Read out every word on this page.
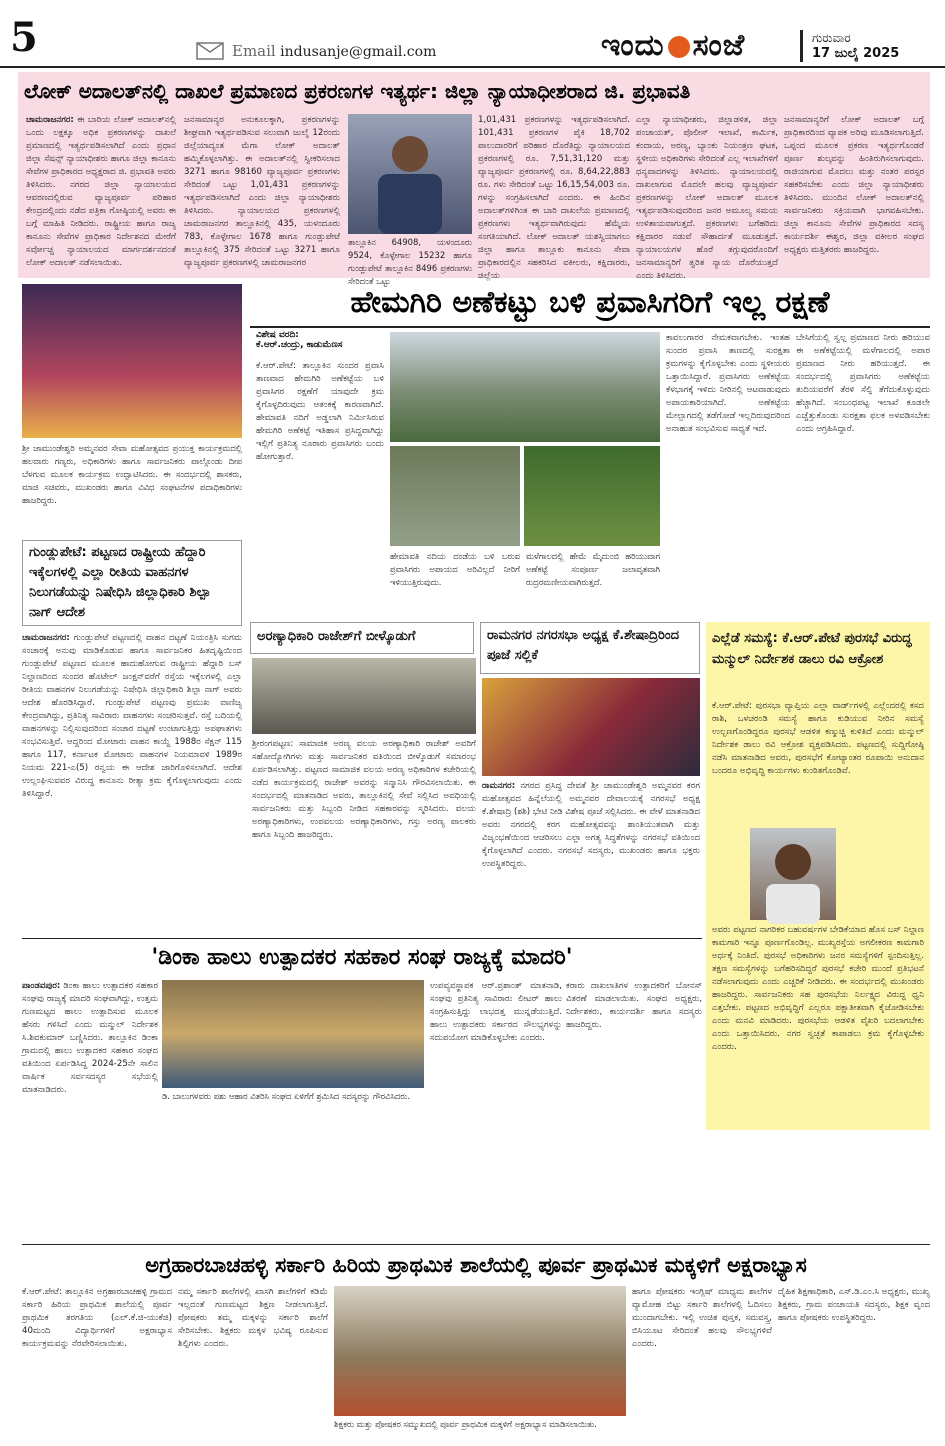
5	Email indusanje@gmail.com	ಇಂದು ಸಂಜೆ	ಗುರುವಾರ
17 ಜುಲೈ 2025
ಲೋಕ್ ಅದಾಲತ್‌ನಲ್ಲಿ ದಾಖಲೆ ಪ್ರಮಾಣದ ಪ್ರಕರಣಗಳ ಇತ್ಯರ್ಥ: ಜಿಲ್ಲಾ ನ್ಯಾಯಾಧೀಶರಾದ ಜಿ. ಪ್ರಭಾವತಿ
ಚಾಮರಾಜನಗರ: ಈ ಬಾರಿಯ ಲೋಕ್ ಅದಾಲತ್‌ನಲ್ಲಿ ಒಂದು ಲಕ್ಷಕ್ಕೂ ಅಧಿಕ ಪ್ರಕರಣಗಳನ್ನು ದಾಖಲೆ ಪ್ರಮಾಣದಲ್ಲಿ ಇತ್ಯರ್ಥಪಡಿಸಲಾಗಿದೆ ಎಂದು ಪ್ರಧಾನ ಜಿಲ್ಲಾ ಸೆಷನ್ಸ್ ನ್ಯಾಯಾಧೀಶರು ಹಾಗೂ ಜಿಲ್ಲಾ ಕಾನೂನು ಸೇವೆಗಳ ಪ್ರಾಧಿಕಾರದ ಅಧ್ಯಕ್ಷರಾದ ಜಿ. ಪ್ರಭಾವತಿ ಅವರು ತಿಳಿಸಿದರು. ನಗರದ ಜಿಲ್ಲಾ ನ್ಯಾಯಾಲಯದ ಆವರಣದಲ್ಲಿರುವ ವ್ಯಾಜ್ಯಪೂರ್ವ ಪರಿಹಾರ ಕೇಂದ್ರದಲ್ಲಿಂದು ನಡೆದ ಪತ್ರಿಕಾ ಗೋಷ್ಠಿಯಲ್ಲಿ ಅವರು ಈ ಬಗ್ಗೆ ಮಾಹಿತಿ ನೀಡಿದರು. ರಾಷ್ಟ್ರೀಯ ಹಾಗೂ ರಾಜ್ಯ ಕಾನೂನು ಸೇವೆಗಳ ಪ್ರಾಧಿಕಾರ ನಿರ್ದೇಶನದ ಮೇರೆಗೆ ಸರ್ವೋಚ್ಚ ನ್ಯಾಯಾಲಯದ ಮಾರ್ಗದರ್ಶನದಂತೆ ಲೋಕ್ ಅದಾಲತ್ ನಡೆಸಲಾಯಿತು.
ಜನಸಾಮಾನ್ಯರ ಅನುಕೂಲಕ್ಕಾಗಿ, ಪ್ರಕರಣಗಳನ್ನು ಶೀಘ್ರವಾಗಿ ಇತ್ಯರ್ಥಪಡಿಸುವ ಸಲುವಾಗಿ ಜುಲೈ 12ರಂದು ಜಿಲ್ಲೆಯಾದ್ಯಂತ ಮೆಗಾ ಲೋಕ್ ಅದಾಲತ್ ಹಮ್ಮಿಕೊಳ್ಳಲಾಗಿತ್ತು. ಈ ಅದಾಲತ್‌ನಲ್ಲಿ ಸ್ವೀಕರಿಸಲಾದ 3271 ಹಾಗೂ 98160 ವ್ಯಾಜ್ಯಪೂರ್ವ ಪ್ರಕರಣಗಳು ಸೇರಿದಂತೆ ಒಟ್ಟು 1,01,431 ಪ್ರಕರಣಗಳನ್ನು ಇತ್ಯರ್ಥಪಡಿಸಲಾಗಿದೆ ಎಂದು ಜಿಲ್ಲಾ ನ್ಯಾಯಾಧೀಶರು ತಿಳಿಸಿದರು. ನ್ಯಾಯಾಲಯದ ಪ್ರಕರಣಗಳಲ್ಲಿ ಚಾಮರಾಜನಗರ ತಾಲ್ಲೂಕಿನಲ್ಲಿ 435, ಯಳಂದೂರು 783, ಕೊಳ್ಳೇಗಾಲ 1678 ಹಾಗೂ ಗುಂಡ್ಲುಪೇಟೆ ತಾಲ್ಲೂಕಿನಲ್ಲಿ 375 ಸೇರಿದಂತೆ ಒಟ್ಟು 3271 ಹಾಗೂ ವ್ಯಾಜ್ಯಪೂರ್ವ ಪ್ರಕರಣಗಳಲ್ಲಿ ಚಾಮರಾಜನಗರ
ತಾಲ್ಲೂಕಿನ 64908, ಯಳಂದೂರು 9524, ಕೊಳ್ಳೇಗಾಲ 15232 ಹಾಗೂ ಗುಂಡ್ಲುಪೇಟೆ ತಾಲ್ಲೂಕಿನ 8496 ಪ್ರಕರಣಗಳು ಸೇರಿದಂತೆ ಒಟ್ಟು
1,01,431 ಪ್ರಕರಣಗಳನ್ನು ಇತ್ಯರ್ಥಪಡಿಸಲಾಗಿದೆ. 101,431 ಪ್ರಕರಣಗಳ ಪೈಕಿ 18,702 ಪಾಲುದಾರರಿಗೆ ಪರಿಹಾರ ದೊರೆತಿದ್ದು ನ್ಯಾಯಾಲಯದ ಪ್ರಕರಣಗಳಲ್ಲಿ ರೂ. 7,51,31,120 ಮತ್ತು ವ್ಯಾಜ್ಯಪೂರ್ವ ಪ್ರಕರಣಗಳಲ್ಲಿ ರೂ. 8,64,22,883 ರೂ. ಗಳು ಸೇರಿದಂತೆ ಒಟ್ಟು 16,15,54,003 ರೂ. ಗಳನ್ನು ಸಂಗ್ರಹಿಸಲಾಗಿದೆ ಎಂದರು. ಈ ಹಿಂದಿನ ಅದಾಲತ್‌ಗಳಿಗಿಂತ ಈ ಬಾರಿ ದಾಖಲೆಯ ಪ್ರಮಾಣದಲ್ಲಿ ಪ್ರಕರಣಗಳು ಇತ್ಯರ್ಥವಾಗಿರುವುದು ಹೆಮ್ಮೆಯ ಸಂಗತಿಯಾಗಿದೆ. ಲೋಕ್ ಅದಾಲತ್ ಯಶಸ್ವಿಯಾಗಲು ಜಿಲ್ಲಾ ಹಾಗೂ ತಾಲ್ಲೂಕು ಕಾನೂನು ಸೇವಾ ಪ್ರಾಧಿಕಾರದಲ್ಲಿನ ಸಹಕರಿಸಿದ ವಕೀಲರು, ಕಕ್ಷಿದಾರರು, ಜಿಲ್ಲೆಯ
ಎಲ್ಲಾ ನ್ಯಾಯಾಧೀಶರು, ಜಿಲ್ಲಾಡಳಿತ, ಜಿಲ್ಲಾ ಪಂಚಾಯತ್, ಪೊಲೀಸ್ ಇಲಾಖೆ, ಕಾರ್ಮಿಕ, ಕಂದಾಯ, ಅರಣ್ಯ, ಬ್ಯಾಂಕು ನಿಯಂತ್ರಣ ಘಟಕ, ಸ್ಥಳೀಯ ಅಧಿಕಾರಿಗಳು ಸೇರಿದಂತೆ ಎಲ್ಲ ಇಲಾಖೆಗಳಿಗೆ ಧನ್ಯವಾದಗಳನ್ನು ತಿಳಿಸಿದರು. ನ್ಯಾಯಾಲಯದಲ್ಲಿ ದಾಖಲಾಗುವ ಮೊದಲೇ ಹಲವು ವ್ಯಾಜ್ಯಪೂರ್ವ ಪ್ರಕರಣಗಳನ್ನು ಲೋಕ್ ಅದಾಲತ್ ಮೂಲಕ ಇತ್ಯರ್ಥಪಡಿಸುವುದರಿಂದ ಜನರ ಅಮೂಲ್ಯ ಸಮಯ ಉಳಿತಾಯವಾಗುತ್ತದೆ. ಪ್ರಕರಣಗಳು ಬಗೆಹರಿದು ಕಕ್ಷಿದಾರರ ನಡುವೆ ಸೌಹಾರ್ದತೆ ಮೂಡುತ್ತದೆ. ನ್ಯಾಯಾಲಯಗಳ ಹೊರೆ ತಗ್ಗುವುದರೊಂದಿಗೆ ಜನಸಾಮಾನ್ಯರಿಗೆ ತ್ವರಿತ ನ್ಯಾಯ ದೊರೆಯುತ್ತದೆ ಎಂದು ತಿಳಿಸಿದರು.
ಜನಸಾಮಾನ್ಯರಿಗೆ ಲೋಕ್ ಅದಾಲತ್ ಬಗ್ಗೆ ಪ್ರಾಧಿಕಾರದಿಂದ ವ್ಯಾಪಕ ಅರಿವು ಮೂಡಿಸಲಾಗುತ್ತಿದೆ. ಒಪ್ಪಂದ ಮೂಲಕ ಪ್ರಕರಣ ಇತ್ಯರ್ಥಗೊಂಡರೆ ಪೂರ್ಣ ಶುಲ್ಕವನ್ನು ಹಿಂತಿರುಗಿಸಲಾಗುವುದು. ರಾಜಿಯಾಗುವ ಮೊದಲು ಮತ್ತು ನಂತರ ಪರಸ್ಪರ ಸಹಕರಿಸಬೇಕು ಎಂದು ಜಿಲ್ಲಾ ನ್ಯಾಯಾಧೀಶರು ತಿಳಿಸಿದರು. ಮುಂದಿನ ಲೋಕ್ ಅದಾಲತ್‌ನಲ್ಲಿ ಸಾರ್ವಜನಿಕರು ಸಕ್ರಿಯವಾಗಿ ಭಾಗವಹಿಸಬೇಕು. ಜಿಲ್ಲಾ ಕಾನೂನು ಸೇವೆಗಳ ಪ್ರಾಧಿಕಾರದ ಸದಸ್ಯ ಕಾರ್ಯದರ್ಶಿ ಈಶ್ವರ, ಜಿಲ್ಲಾ ವಕೀಲರ ಸಂಘದ ಅಧ್ಯಕ್ಷರು ಮತ್ತಿತರರು ಹಾಜರಿದ್ದರು.
ಶ್ರೀ ಜಾಮುಂಡೇಶ್ವರಿ ಅಮ್ಮನವರ ಸೇವಾ ಮಹೋತ್ಸವದ ಪ್ರಯುಕ್ತ ಕಾರ್ಯಕ್ರಮದಲ್ಲಿ ಹಲವಾರು ಗಣ್ಯರು, ಅಧಿಕಾರಿಗಳು ಹಾಗೂ ಸಾರ್ವಜನಿಕರು ಪಾಲ್ಗೊಂಡು ದೀಪ ಬೆಳಗುವ ಮೂಲಕ ಕಾರ್ಯಕ್ರಮ ಉದ್ಘಾಟಿಸಿದರು. ಈ ಸಂದರ್ಭದಲ್ಲಿ ಶಾಸಕರು, ಮಾಜಿ ಸಚಿವರು, ಮುಖಂಡರು ಹಾಗೂ ವಿವಿಧ ಸಂಘಟನೆಗಳ ಪದಾಧಿಕಾರಿಗಳು ಹಾಜರಿದ್ದರು.
ಗುಂಡ್ಲುಪೇಟೆ: ಪಟ್ಟಣದ ರಾಷ್ಟ್ರೀಯ ಹೆದ್ದಾರಿ ಇಕ್ಕೆಲಗಳಲ್ಲಿ ಎಲ್ಲಾ ರೀತಿಯ ವಾಹನಗಳ ನಿಲುಗಡೆಯನ್ನು ನಿಷೇಧಿಸಿ ಜಿಲ್ಲಾಧಿಕಾರಿ ಶಿಲ್ಪಾ ನಾಗ್ ಆದೇಶ
ಚಾಮರಾಜನಗರ: ಗುಂಡ್ಲುಪೇಟೆ ಪಟ್ಟಣದಲ್ಲಿ ವಾಹನ ದಟ್ಟಣೆ ನಿಯಂತ್ರಿಸಿ ಸುಗಮ ಸಂಚಾರಕ್ಕೆ ಅನುವು ಮಾಡಿಕೊಡುವ ಹಾಗೂ ಸಾರ್ವಜನಿಕರ ಹಿತದೃಷ್ಟಿಯಿಂದ ಗುಂಡ್ಲುಪೇಟೆ ಪಟ್ಟಣದ ಮೂಲಕ ಹಾದುಹೋಗುವ ರಾಷ್ಟ್ರೀಯ ಹೆದ್ದಾರಿ ಬಸ್ ನಿಲ್ದಾಣದಿಂದ ಸುಂದರ ಹೊಟೇಲ್ ಜಂಕ್ಷನ್‌ವರೆಗೆ ರಸ್ತೆಯ ಇಕ್ಕೆಲಗಳಲ್ಲಿ ಎಲ್ಲಾ ರೀತಿಯ ವಾಹನಗಳ ನಿಲುಗಡೆಯನ್ನು ನಿಷೇಧಿಸಿ ಜಿಲ್ಲಾಧಿಕಾರಿ ಶಿಲ್ಪಾ ನಾಗ್ ಅವರು ಆದೇಶ ಹೊರಡಿಸಿದ್ದಾರೆ. ಗುಂಡ್ಲುಪೇಟೆ ಪಟ್ಟಣವು ಪ್ರಮುಖ ವಾಣಿಜ್ಯ ಕೇಂದ್ರವಾಗಿದ್ದು, ಪ್ರತಿನಿತ್ಯ ಸಾವಿರಾರು ವಾಹನಗಳು ಸಂಚರಿಸುತ್ತವೆ. ರಸ್ತೆ ಬದಿಯಲ್ಲಿ ವಾಹನಗಳನ್ನು ನಿಲ್ಲಿಸುವುದರಿಂದ ಸಂಚಾರ ದಟ್ಟಣೆ ಉಂಟಾಗುತ್ತಿದ್ದು ಅಪಘಾತಗಳು ಸಂಭವಿಸುತ್ತಿವೆ. ಆದ್ದರಿಂದ ಮೋಟಾರು ವಾಹನ ಕಾಯ್ದೆ 1988ರ ಸೆಕ್ಷನ್ 115 ಹಾಗೂ 117, ಕರ್ನಾಟಕ ಮೋಟಾರು ವಾಹನಗಳ ನಿಯಮಾವಳಿ 1989ರ ನಿಯಮ 221-ಎ(5) ರನ್ವಯ ಈ ಆದೇಶ ಜಾರಿಗೊಳಿಸಲಾಗಿದೆ. ಆದೇಶ ಉಲ್ಲಂಘಿಸುವವರ ವಿರುದ್ಧ ಕಾನೂನು ರೀತ್ಯಾ ಕ್ರಮ ಕೈಗೊಳ್ಳಲಾಗುವುದು ಎಂದು ತಿಳಿಸಿದ್ದಾರೆ.
ಹೇಮಗಿರಿ ಅಣೆಕಟ್ಟು ಬಳಿ ಪ್ರವಾಸಿಗರಿಗೆ ಇಲ್ಲ ರಕ್ಷಣೆ
ವಿಶೇಷ ವರದಿ:
ಕೆ.ಆರ್.ಚಂದ್ರು, ಕಾಡುಮೆಣಸ
ಕೆ.ಆರ್.ಪೇಟೆ: ತಾಲ್ಲೂಕಿನ ಸುಂದರ ಪ್ರವಾಸಿ ತಾಣವಾದ ಹೇಮಗಿರಿ ಅಣೆಕಟ್ಟೆಯ ಬಳಿ ಪ್ರವಾಸಿಗರ ರಕ್ಷಣೆಗೆ ಯಾವುದೇ ಕ್ರಮ ಕೈಗೊಳ್ಳದಿರುವುದು ಆತಂಕಕ್ಕೆ ಕಾರಣವಾಗಿದೆ. ಹೇಮಾವತಿ ನದಿಗೆ ಅಡ್ಡಲಾಗಿ ನಿರ್ಮಿಸಿರುವ ಹೇಮಗಿರಿ ಅಣೆಕಟ್ಟೆ ಇತಿಹಾಸ ಪ್ರಸಿದ್ಧವಾಗಿದ್ದು ಇಲ್ಲಿಗೆ ಪ್ರತಿನಿತ್ಯ ನೂರಾರು ಪ್ರವಾಸಿಗರು ಬಂದು ಹೋಗುತ್ತಾರೆ.
ಹೇಮಾವತಿ ನದಿಯ ದಂಡೆಯ ಬಳಿ ಬರುವ ಪ್ರವಾಸಿಗರು ಅಪಾಯದ ಅರಿವಿಲ್ಲದೆ ನೀರಿಗೆ ಇಳಿಯುತ್ತಿರುವುದು.
ಮಳೆಗಾಲದಲ್ಲಿ ಹೇಮೆ ಮೈದುಂಬಿ ಹರಿಯುವಾಗ ಅಣೆಕಟ್ಟೆ ಸಂಪೂರ್ಣ ಜಲಾವೃತವಾಗಿ ರುದ್ರರಮಣೀಯವಾಗಿರುತ್ತದೆ.
ಕಾವಲುಗಾರರ ನೇಮಕವಾಗಬೇಕು. ಇಂತಹ ಸುಂದರ ಪ್ರವಾಸಿ ತಾಣದಲ್ಲಿ ಸುರಕ್ಷತಾ ಕ್ರಮಗಳನ್ನು ಕೈಗೊಳ್ಳಬೇಕು ಎಂದು ಸ್ಥಳೀಯರು ಒತ್ತಾಯಿಸಿದ್ದಾರೆ. ಪ್ರವಾಸಿಗರು ಅಣೆಕಟ್ಟೆಯ ಕೆಳಭಾಗಕ್ಕೆ ಇಳಿದು ನೀರಿನಲ್ಲಿ ಆಟವಾಡುವುದು ಅಪಾಯಕಾರಿಯಾಗಿದೆ. ಅಣೆಕಟ್ಟೆಯ ಮೇಲ್ಭಾಗದಲ್ಲಿ ತಡೆಗೋಡೆ ಇಲ್ಲದಿರುವುದರಿಂದ ಅನಾಹುತ ಸಂಭವಿಸುವ ಸಾಧ್ಯತೆ ಇದೆ.
ಬೇಸಿಗೆಯಲ್ಲಿ ಸ್ವಲ್ಪ ಪ್ರಮಾಣದ ನೀರು ಹರಿಯುವ ಈ ಅಣೆಕಟ್ಟೆಯಲ್ಲಿ ಮಳೆಗಾಲದಲ್ಲಿ ಅಪಾರ ಪ್ರಮಾಣದ ನೀರು ಹರಿಯುತ್ತದೆ. ಈ ಸಂದರ್ಭದಲ್ಲಿ ಪ್ರವಾಸಿಗರು ಅಣೆಕಟ್ಟೆಯ ತುದಿಯವರೆಗೆ ತೆರಳಿ ಸೆಲ್ಫಿ ತೆಗೆದುಕೊಳ್ಳುವುದು ಹೆಚ್ಚಾಗಿದೆ. ಸಂಬಂಧಪಟ್ಟ ಇಲಾಖೆ ಕೂಡಲೇ ಎಚ್ಚೆತ್ತುಕೊಂಡು ಸುರಕ್ಷತಾ ಫಲಕ ಅಳವಡಿಸಬೇಕು ಎಂದು ಆಗ್ರಹಿಸಿದ್ದಾರೆ.
ಅರಣ್ಯಾಧಿಕಾರಿ ರಾಜೇಶ್‌ಗೆ ಬೀಳ್ಕೊಡುಗೆ
ಶ್ರೀರಂಗಪಟ್ಟಣ: ಸಾಮಾಜಿಕ ಅರಣ್ಯ ವಲಯ ಅರಣ್ಯಾಧಿಕಾರಿ ರಾಜೇಶ್ ಅವರಿಗೆ ಸಹೋದ್ಯೋಗಿಗಳು ಮತ್ತು ಸಾರ್ವಜನಿಕರ ವತಿಯಿಂದ ಬೀಳ್ಕೊಡುಗೆ ಸಮಾರಂಭ ಏರ್ಪಡಿಸಲಾಗಿತ್ತು. ಪಟ್ಟಣದ ಸಾಮಾಜಿಕ ವಲಯ ಅರಣ್ಯ ಅಧಿಕಾರಿಗಳ ಕಚೇರಿಯಲ್ಲಿ ನಡೆದ ಕಾರ್ಯಕ್ರಮದಲ್ಲಿ ರಾಜೇಶ್ ಅವರನ್ನು ಸನ್ಮಾನಿಸಿ ಗೌರವಿಸಲಾಯಿತು. ಈ ಸಂದರ್ಭದಲ್ಲಿ ಮಾತನಾಡಿದ ಅವರು, ತಾಲ್ಲೂಕಿನಲ್ಲಿ ಸೇವೆ ಸಲ್ಲಿಸಿದ ಅವಧಿಯಲ್ಲಿ ಸಾರ್ವಜನಿಕರು ಮತ್ತು ಸಿಬ್ಬಂದಿ ನೀಡಿದ ಸಹಕಾರವನ್ನು ಸ್ಮರಿಸಿದರು. ವಲಯ ಅರಣ್ಯಾಧಿಕಾರಿಗಳು, ಉಪವಲಯ ಅರಣ್ಯಾಧಿಕಾರಿಗಳು, ಗಸ್ತು ಅರಣ್ಯ ಪಾಲಕರು ಹಾಗೂ ಸಿಬ್ಬಂದಿ ಹಾಜರಿದ್ದರು.
ರಾಮನಗರ ನಗರಸಭಾ ಅಧ್ಯಕ್ಷ ಕೆ.ಶೇಷಾದ್ರಿರಿಂದ ಪೂಜೆ ಸಲ್ಲಿಕೆ
ರಾಮನಗರ: ನಗರದ ಪ್ರಸಿದ್ಧ ದೇವತೆ ಶ್ರೀ ಚಾಮುಂಡೇಶ್ವರಿ ಅಮ್ಮನವರ ಕರಗ ಮಹೋತ್ಸವದ ಹಿನ್ನೆಲೆಯಲ್ಲಿ ಅಮ್ಮನವರ ದೇವಾಲಯಕ್ಕೆ ನಗರಸಭೆ ಅಧ್ಯಕ್ಷ ಕೆ.ಶೇಷಾದ್ರಿ (ಶಶಿ) ಭೇಟಿ ನೀಡಿ ವಿಶೇಷ ಪೂಜೆ ಸಲ್ಲಿಸಿದರು. ಈ ವೇಳೆ ಮಾತನಾಡಿದ ಅವರು ನಗರದಲ್ಲಿ ಕರಗ ಮಹೋತ್ಸವವನ್ನು ಶಾಂತಿಯುತವಾಗಿ ಮತ್ತು ವಿಜೃಂಭಣೆಯಿಂದ ಆಚರಿಸಲು ಎಲ್ಲಾ ಅಗತ್ಯ ಸಿದ್ಧತೆಗಳನ್ನು ನಗರಸಭೆ ವತಿಯಿಂದ ಕೈಗೊಳ್ಳಲಾಗಿದೆ ಎಂದರು. ನಗರಸಭೆ ಸದಸ್ಯರು, ಮುಖಂಡರು ಹಾಗೂ ಭಕ್ತರು ಉಪಸ್ಥಿತರಿದ್ದರು.
ಎಲ್ಲೆಡೆ ಸಮಸ್ಯೆ: ಕೆ.ಆರ್.ಪೇಟೆ ಪುರಸಭೆ ವಿರುದ್ಧ ಮನ್ಮುಲ್ ನಿರ್ದೇಶಕ ಡಾಲು ರವಿ ಆಕ್ರೋಶ
ಕೆ.ಆರ್.ಪೇಟೆ: ಪುರಸಭಾ ವ್ಯಾಪ್ತಿಯ ಎಲ್ಲಾ ವಾರ್ಡ್‌ಗಳಲ್ಲಿ ಎಲ್ಲೆಂದರಲ್ಲಿ ಕಸದ ರಾಶಿ, ಒಳಚರಂಡಿ ಸಮಸ್ಯೆ ಹಾಗೂ ಕುಡಿಯುವ ನೀರಿನ ಸಮಸ್ಯೆ ಉಲ್ಬಣಗೊಂಡಿದ್ದರೂ ಪುರಸಭೆ ಆಡಳಿತ ಕಣ್ಮುಚ್ಚಿ ಕುಳಿತಿದೆ ಎಂದು ಮನ್ಮುಲ್ ನಿರ್ದೇಶಕ ಡಾಲು ರವಿ ಆಕ್ರೋಶ ವ್ಯಕ್ತಪಡಿಸಿದರು. ಪಟ್ಟಣದಲ್ಲಿ ಸುದ್ದಿಗೋಷ್ಠಿ ನಡೆಸಿ ಮಾತನಾಡಿದ ಅವರು, ಪುರಸಭೆಗೆ ಕೋಟ್ಯಾಂತರ ರೂಪಾಯಿ ಅನುದಾನ ಬಂದರೂ ಅಭಿವೃದ್ಧಿ ಕಾರ್ಯಗಳು ಕುಂಠಿತಗೊಂಡಿವೆ.
ಅವರು ಪಟ್ಟಣದ ನಾಗರಿಕರ ಬಹುವರ್ಷಗಳ ಬೇಡಿಕೆಯಾದ ಹೊಸ ಬಸ್ ನಿಲ್ದಾಣ ಕಾಮಗಾರಿ ಇನ್ನೂ ಪೂರ್ಣಗೊಂಡಿಲ್ಲ. ಮುಖ್ಯರಸ್ತೆಯ ಅಗಲೀಕರಣ ಕಾಮಗಾರಿ ಅರ್ಧಕ್ಕೆ ನಿಂತಿದೆ. ಪುರಸಭೆ ಅಧಿಕಾರಿಗಳು ಜನರ ಸಮಸ್ಯೆಗಳಿಗೆ ಸ್ಪಂದಿಸುತ್ತಿಲ್ಲ. ತಕ್ಷಣ ಸಮಸ್ಯೆಗಳನ್ನು ಬಗೆಹರಿಸದಿದ್ದರೆ ಪುರಸಭೆ ಕಚೇರಿ ಮುಂದೆ ಪ್ರತಿಭಟನೆ ನಡೆಸಲಾಗುವುದು ಎಂದು ಎಚ್ಚರಿಕೆ ನೀಡಿದರು. ಈ ಸಂದರ್ಭದಲ್ಲಿ ಮುಖಂಡರು ಹಾಜರಿದ್ದರು. ಸಾರ್ವಜನಿಕರು ಸಹ ಪುರಸಭೆಯ ನಿರ್ಲಕ್ಷ್ಯದ ವಿರುದ್ಧ ಧ್ವನಿ ಎತ್ತಬೇಕು. ಪಟ್ಟಣದ ಅಭಿವೃದ್ಧಿಗೆ ಎಲ್ಲರೂ ಪಕ್ಷಾತೀತವಾಗಿ ಕೈಜೋಡಿಸಬೇಕು ಎಂದು ಮನವಿ ಮಾಡಿದರು. ಪುರಸಭೆಯ ಆಡಳಿತ ವೈಖರಿ ಬದಲಾಗಬೇಕು ಎಂದು ಒತ್ತಾಯಿಸಿದರು. ನಗರ ಸ್ವಚ್ಛತೆ ಕಾಪಾಡಲು ಕ್ರಮ ಕೈಗೊಳ್ಳಬೇಕು ಎಂದರು.
'ಡಿಂಕಾ ಹಾಲು ಉತ್ಪಾದಕರ ಸಹಕಾರ ಸಂಘ ರಾಜ್ಯಕ್ಕೆ ಮಾದರಿ'
ಪಾಂಡವಪುರ: ಡಿಂಕಾ ಹಾಲು ಉತ್ಪಾದಕರ ಸಹಕಾರ ಸಂಘವು ರಾಜ್ಯಕ್ಕೆ ಮಾದರಿ ಸಂಘವಾಗಿದ್ದು, ಉತ್ತಮ ಗುಣಮಟ್ಟದ ಹಾಲು ಉತ್ಪಾದಿಸುವ ಮೂಲಕ ಹೆಸರು ಗಳಿಸಿದೆ ಎಂದು ಮನ್ಮುಲ್ ನಿರ್ದೇಶಕ ಸಿ.ಶಿವಕುಮಾರ್ ಬಣ್ಣಿಸಿದರು. ತಾಲ್ಲೂಕಿನ ಡಿಂಕಾ ಗ್ರಾಮದಲ್ಲಿ ಹಾಲು ಉತ್ಪಾದಕರ ಸಹಕಾರ ಸಂಘದ ವತಿಯಿಂದ ಏರ್ಪಡಿಸಿದ್ದ 2024-25ನೇ ಸಾಲಿನ ವಾರ್ಷಿಕ ಸರ್ವಸದಸ್ಯರ ಸಭೆಯಲ್ಲಿ ಮಾತನಾಡಿದರು.
ಡಿ. ಬಾಲುಗಳವರು ಪಶು ಆಹಾರ ವಿತರಿಸಿ ಸಂಘದ ಏಳಿಗೆಗೆ ಶ್ರಮಿಸಿದ ಸದಸ್ಯರನ್ನು ಗೌರವಿಸಿದರು.
ಉಪವ್ಯವಸ್ಥಾಪಕ ಆರ್.ಪ್ರಶಾಂತ್ ಮಾತನಾಡಿ, ಸಂಘವು ಪ್ರತಿನಿತ್ಯ ಸಾವಿರಾರು ಲೀಟರ್ ಹಾಲು ಸಂಗ್ರಹಿಸುತ್ತಿದ್ದು ಲಾಭದತ್ತ ಮುನ್ನಡೆಯುತ್ತಿದೆ. ಹಾಲು ಉತ್ಪಾದಕರು ಸರ್ಕಾರದ ಸೌಲಭ್ಯಗಳನ್ನು ಸದುಪಯೋಗ ಮಾಡಿಕೊಳ್ಳಬೇಕು ಎಂದರು.
ಕರಾರು ದಾಖಲಾತಿಗಳ ಉತ್ಪಾದಕರಿಗೆ ಬೋನಸ್ ವಿತರಣೆ ಮಾಡಲಾಯಿತು. ಸಂಘದ ಅಧ್ಯಕ್ಷರು, ನಿರ್ದೇಶಕರು, ಕಾರ್ಯದರ್ಶಿ ಹಾಗೂ ಸದಸ್ಯರು ಹಾಜರಿದ್ದರು.
ಅಗ್ರಹಾರಬಾಚಹಳ್ಳಿ ಸರ್ಕಾರಿ ಹಿರಿಯ ಪ್ರಾಥಮಿಕ ಶಾಲೆಯಲ್ಲಿ ಪೂರ್ವ ಪ್ರಾಥಮಿಕ ಮಕ್ಕಳಿಗೆ ಅಕ್ಷರಾಭ್ಯಾಸ
ಕೆ.ಆರ್.ಪೇಟೆ: ತಾಲ್ಲೂಕಿನ ಅಗ್ರಹಾರಬಾಚಹಳ್ಳಿ ಗ್ರಾಮದ ಸರ್ಕಾರಿ ಹಿರಿಯ ಪ್ರಾಥಮಿಕ ಶಾಲೆಯಲ್ಲಿ ಪೂರ್ವ ಪ್ರಾಥಮಿಕ ತರಗತಿಯ (ಎಲ್.ಕೆ.ಜಿ-ಯುಕೆಜಿ) 40ಮಂದಿ ವಿದ್ಯಾರ್ಥಿಗಳಿಗೆ ಅಕ್ಷರಾಭ್ಯಾಸ ಕಾರ್ಯಕ್ರಮವನ್ನು ನೆರವೇರಿಸಲಾಯಿತು.
ನಮ್ಮ ಸರ್ಕಾರಿ ಶಾಲೆಗಳಲ್ಲಿ ಖಾಸಗಿ ಶಾಲೆಗಳಿಗೆ ಕಡಿಮೆ ಇಲ್ಲದಂತೆ ಗುಣಮಟ್ಟದ ಶಿಕ್ಷಣ ನೀಡಲಾಗುತ್ತಿದೆ. ಪೋಷಕರು ತಮ್ಮ ಮಕ್ಕಳನ್ನು ಸರ್ಕಾರಿ ಶಾಲೆಗೆ ಸೇರಿಸಬೇಕು. ಶಿಕ್ಷಕರು ಮಕ್ಕಳ ಭವಿಷ್ಯ ರೂಪಿಸುವ ಶಿಲ್ಪಿಗಳು ಎಂದರು.
ಶಿಕ್ಷಕರು ಮತ್ತು ಪೋಷಕರ ಸಮ್ಮುಖದಲ್ಲಿ ಪೂರ್ವ ಪ್ರಾಥಮಿಕ ಮಕ್ಕಳಿಗೆ ಅಕ್ಷರಾಭ್ಯಾಸ ಮಾಡಿಸಲಾಯಿತು.
ಹಾಗೂ ಪೋಷಕರು ಇಂಗ್ಲಿಷ್ ಮಾಧ್ಯಮ ಶಾಲೆಗಳ ವ್ಯಾಮೋಹ ಬಿಟ್ಟು ಸರ್ಕಾರಿ ಶಾಲೆಗಳಲ್ಲಿ ಓದಿಸಲು ಮುಂದಾಗಬೇಕು. ಇಲ್ಲಿ ಉಚಿತ ಪುಸ್ತಕ, ಸಮವಸ್ತ್ರ, ಬಿಸಿಯೂಟ ಸೇರಿದಂತೆ ಹಲವು ಸೌಲಭ್ಯಗಳಿವೆ ಎಂದರು.
ದೈಹಿಕ ಶಿಕ್ಷಣಾಧಿಕಾರಿ, ಎಸ್.ಡಿ.ಎಂ.ಸಿ ಅಧ್ಯಕ್ಷರು, ಮುಖ್ಯ ಶಿಕ್ಷಕರು, ಗ್ರಾಮ ಪಂಚಾಯತಿ ಸದಸ್ಯರು, ಶಿಕ್ಷಕ ವೃಂದ ಹಾಗೂ ಪೋಷಕರು ಉಪಸ್ಥಿತರಿದ್ದರು.
